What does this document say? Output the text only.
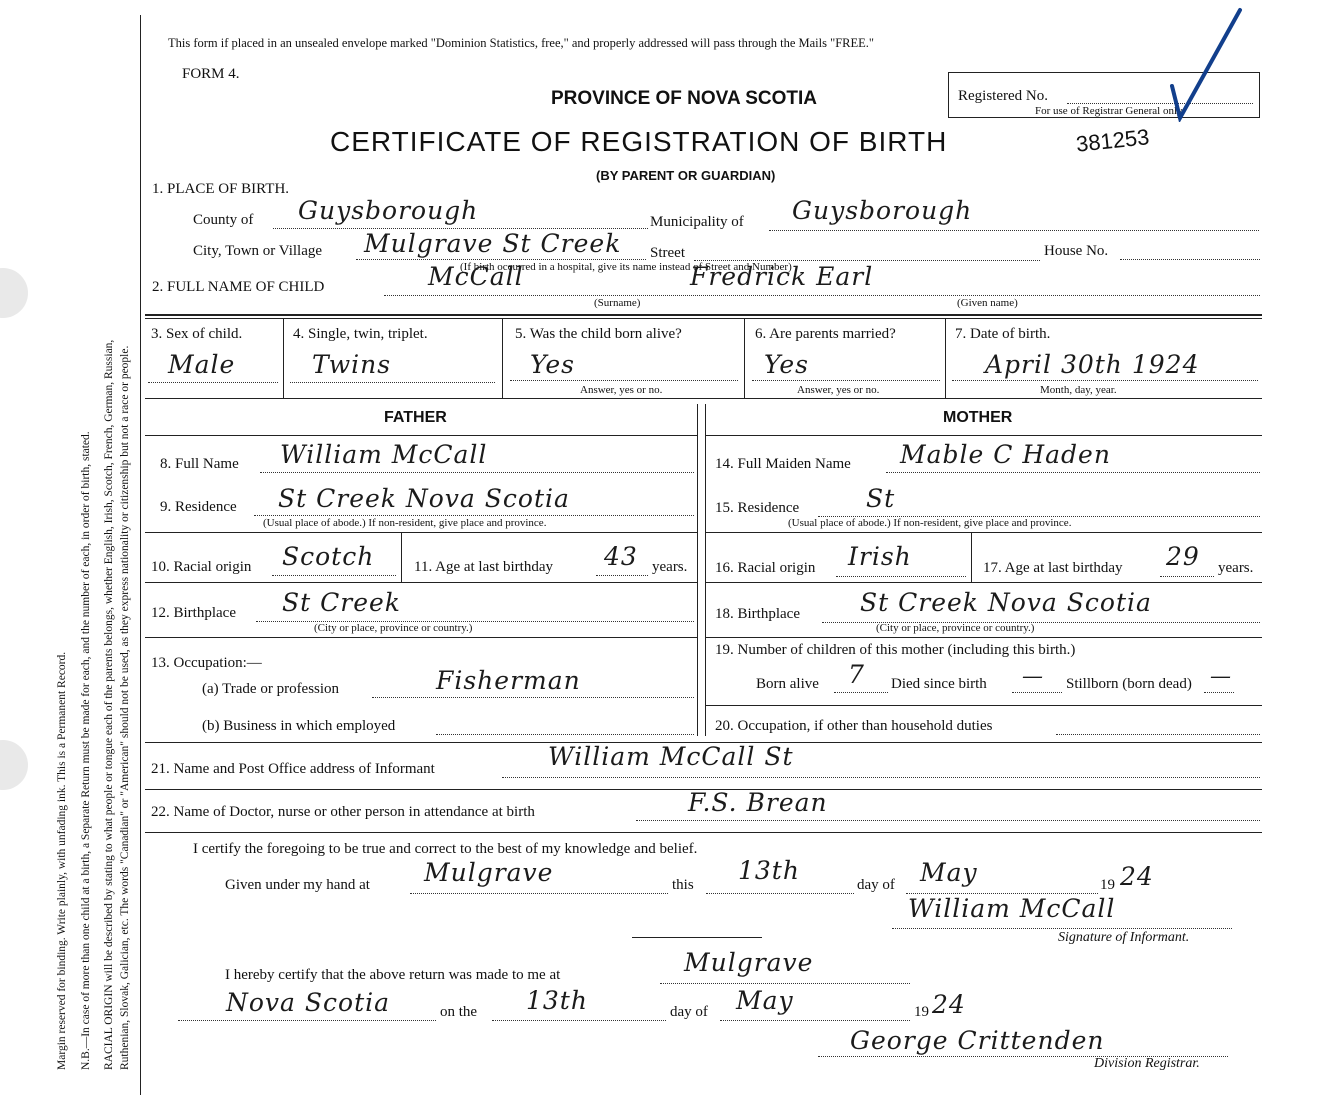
Margin reserved for binding. Write plainly, with unfading ink. This is a Permanent Record. N.B.—In case of more than one child at a birth, a Separate Return must be made for each, and the number of each, in order of birth, stated. RACIAL ORIGIN will be described by stating to what people or tongue each of the parents belongs, whether English, Irish, Scotch, French, German, Russian, Ruthenian, Slovak, Galician, etc. The words "Canadian" or "American" should not be used, as they express nationality or citizenship but not a race or people.
This form if placed in an unsealed envelope marked "Dominion Statistics, free," and properly addressed will pass through the Mails "FREE."
FORM 4.
PROVINCE OF NOVA SCOTIA
CERTIFICATE OF REGISTRATION OF BIRTH	381253
(BY PARENT OR GUARDIAN)
Registered No.
For use of Registrar General only
1. PLACE OF BIRTH.
County of Guysborough	Municipality of Guysborough
City, Town or Village Mulgrave St Creek Street	House No.
(If birth occurred in a hospital, give its name instead of Street and Number)
2. FULL NAME OF CHILD	McCall
(Surname)
Fredrick Earl
(Given name)
3. Sex of child.
Male
4. Single, twin, triplet.
Twins
5. Was the child born alive?
Yes
Answer, yes or no.
6. Are parents married?
Yes
Answer, yes or no.
7. Date of birth.
April 30th 1924
Month, day, year.
FATHER	MOTHER
8. Full Name William McCall
9. Residence St Creek Nova Scotia
(Usual place of abode.) If non-resident, give place and province.
10. Racial origin Scotch	11. Age at last birthday 43 years.
12. Birthplace St Creek
(City or place, province or country.)
13. Occupation:—
(a) Trade or profession	Fisherman
(b) Business in which employed
14. Full Maiden Name Mable C Haden
15. Residence	St
(Usual place of abode.) If non-resident, give place and province.
16. Racial origin Irish	17. Age at last birthday 29 years.
18. Birthplace St Creek Nova Scotia
(City or place, province or country.)
19. Number of children of this mother (including this birth.)
Born alive 7 Died since birth — Stillborn (born dead) —
20. Occupation, if other than household duties
21. Name and Post Office address of Informant	William McCall St
22. Name of Doctor, nurse or other person in attendance at birth	F.S. Brean
I certify the foregoing to be true and correct to the best of my knowledge and belief.
Given under my hand at Mulgrave	this 13th	day of May	19 24
William McCall
Signature of Informant.
I hereby certify that the above return was made to me at	Mulgrave
Nova Scotia	on the 13th	day of May	19 24
George Crittenden
Division Registrar.
